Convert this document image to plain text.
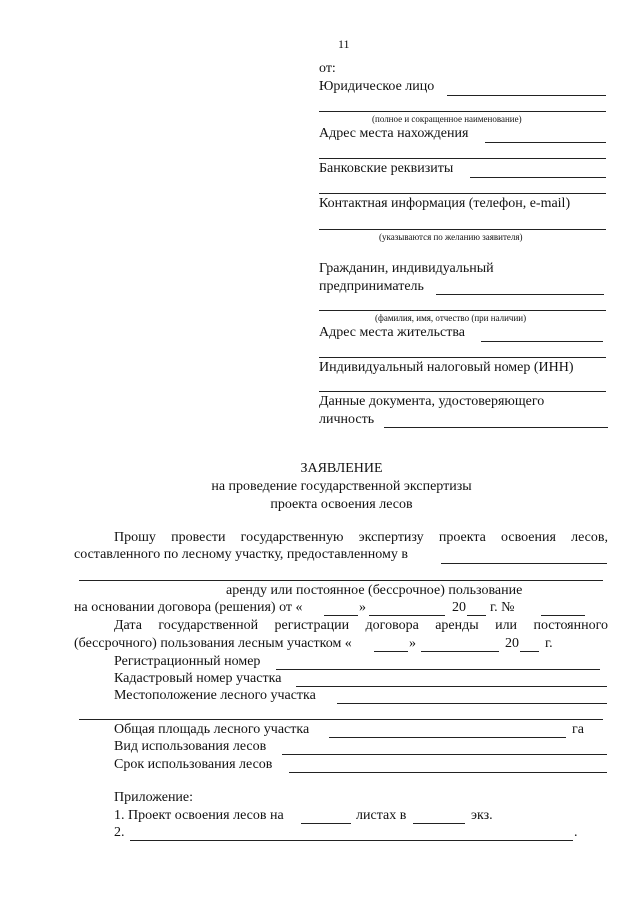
11
от:
Юридическое лицо
(полное и сокращенное наименование)
Адрес места нахождения
Банковские реквизиты
Контактная информация (телефон, e-mail)
(указываются по желанию заявителя)
Гражданин, индивидуальный
предприниматель
(фамилия, имя, отчество (при наличии)
Адрес места жительства
Индивидуальный налоговый номер (ИНН)
Данные документа, удостоверяющего
личность
ЗАЯВЛЕНИЕ
на проведение государственной экспертизы
проекта освоения лесов
Прошу провести государственную экспертизу проекта освоения лесов,
составленного по лесному участку, предоставленному в
аренду или постоянное (бессрочное) пользование
на основании договора (решения) от «	»	20 г. №
Дата государственной регистрации договора аренды или постоянного
(бессрочного) пользования лесным участком «	»	20 г.
Регистрационный номер
Кадастровый номер участка
Местоположение лесного участка
Общая площадь лесного участка	га
Вид использования лесов
Срок использования лесов
Приложение:
1. Проект освоения лесов на	листах в	экз.
2.	.
